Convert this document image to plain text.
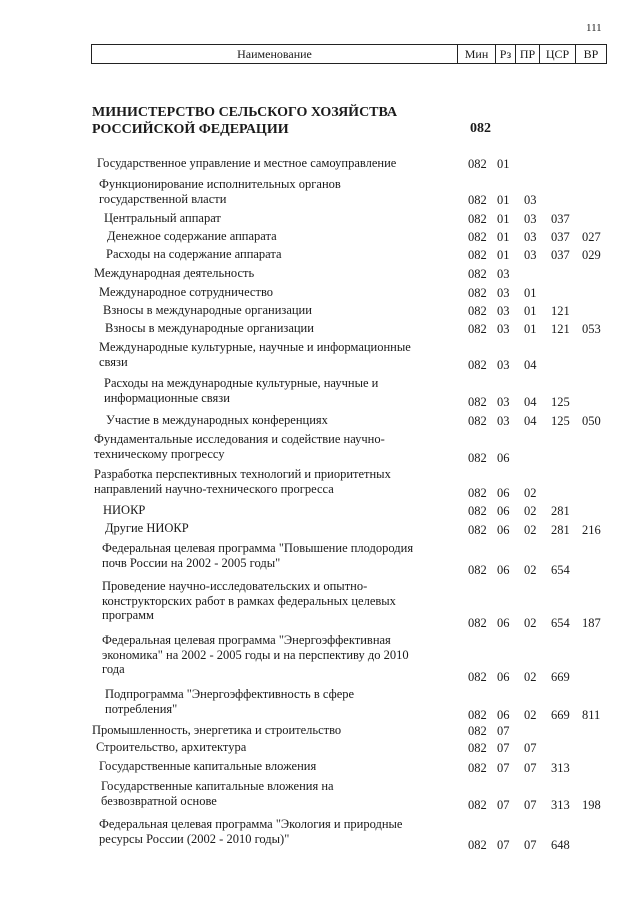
111
Наименование	Мин Рз ПР ЦСР	ВР
МИНИСТЕРСТВО СЕЛЬСКОГО ХОЗЯЙСТВА
РОССИЙСКОЙ ФЕДЕРАЦИИ	082
Государственное управление и местное самоуправление	082 01
Функционирование исполнительных органов
государственной власти	082 01 03
Центральный аппарат	082 01 03 037
Денежное содержание аппарата	082 01 03 037 027
Расходы на содержание аппарата	082 01 03 037 029
Международная деятельность	082 03
Международное сотрудничество	082 03 01
Взносы в международные организации	082 03 01 121
Взносы в международные организации	082 03 01 121 053
Международные культурные, научные и информационные
связи	082 03 04
Расходы на международные культурные, научные и
информационные связи	082 03 04 125
Участие в международных конференциях	082 03 04 125 050
Фундаментальные исследования и содействие научно-
техническому прогрессу	082 06
Разработка перспективных технологий и приоритетных
направлений научно-технического прогресса	082 06 02
НИОКР	082 06 02 281
Другие НИОКР	082 06 02 281 216
Федеральная целевая программа "Повышение плодородия
почв России на 2002 - 2005 годы"
082 06 02 654
Проведение научно-исследовательских и опытно-
конструкторских работ в рамках федеральных целевых
программ
082 06 02 654 187
Федеральная целевая программа "Энергоэффективная
экономика" на 2002 - 2005 годы и на перспективу до 2010
года
082 06 02 669
Подпрограмма "Энергоэффективность в сфере
потребления"	082 06 02 669 811
Промышленность, энергетика и строительство	082 07
Строительство, архитектура	082 07 07
Государственные капитальные вложения	082 07 07 313
Государственные капитальные вложения на
безвозвратной основе	082 07 07 313 198
Федеральная целевая программа "Экология и природные
ресурсы России (2002 - 2010 годы)"	082 07 07 648
